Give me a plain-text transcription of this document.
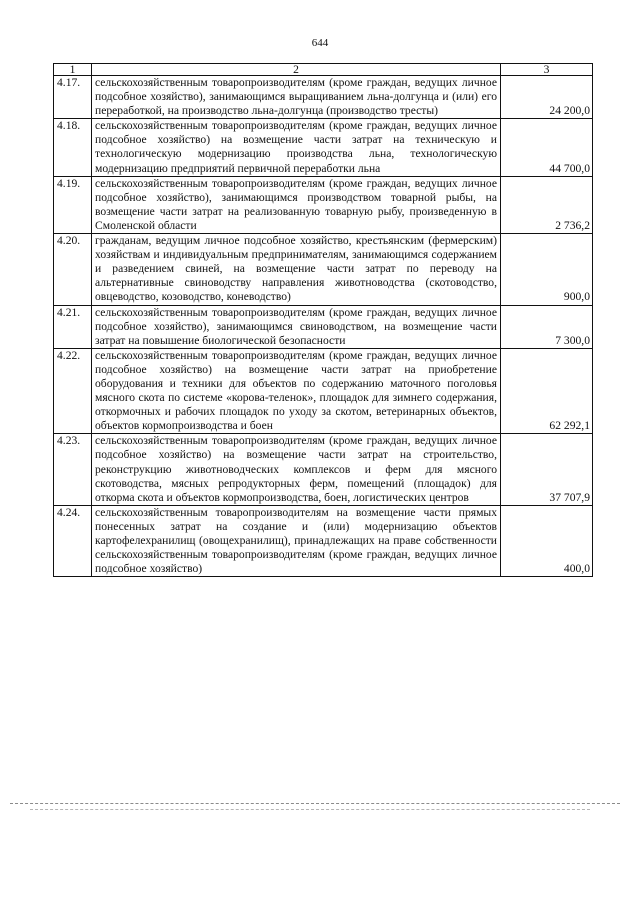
644
1	2	3
4.17.	сельскохозяйственным товаропроизводителям (кроме граждан, ведущих личное подсобное хозяйство), занимающимся выращиванием льна-долгунца и (или) его переработкой, на производство льна-долгунца (производство тресты)	24 200,0
4.18.	сельскохозяйственным товаропроизводителям (кроме граждан, ведущих личное подсобное хозяйство) на возмещение части затрат на техническую и технологическую модернизацию производства льна, технологическую модернизацию предприятий первичной переработки льна	44 700,0
4.19.	сельскохозяйственным товаропроизводителям (кроме граждан, ведущих личное подсобное хозяйство), занимающимся производством товарной рыбы, на возмещение части затрат на реализованную товарную рыбу, произведенную в Смоленской области	2 736,2
4.20.	гражданам, ведущим личное подсобное хозяйство, крестьянским (фермерским) хозяйствам и индивидуальным предпринимателям, занимающимся содержанием и разведением свиней, на возмещение части затрат по переводу на альтернативные свиноводству направления животноводства (скотоводство, овцеводство, козоводство, коневодство)	900,0
4.21.	сельскохозяйственным товаропроизводителям (кроме граждан, ведущих личное подсобное хозяйство), занимающимся свиноводством, на возмещение части затрат на повышение биологической безопасности	7 300,0
4.22.	сельскохозяйственным товаропроизводителям (кроме граждан, ведущих личное подсобное хозяйство) на возмещение части затрат на приобретение оборудования и техники для объектов по содержанию маточного поголовья мясного скота по системе «корова-теленок», площадок для зимнего содержания, откормочных и рабочих площадок по уходу за скотом, ветеринарных объектов, объектов кормопроизводства и боен	62 292,1
4.23.	сельскохозяйственным товаропроизводителям (кроме граждан, ведущих личное подсобное хозяйство) на возмещение части затрат на строительство, реконструкцию животноводческих комплексов и ферм для мясного скотоводства, мясных репродукторных ферм, помещений (площадок) для откорма скота и объектов кормопроизводства, боен, логистических центров	37 707,9
4.24.	сельскохозяйственным товаропроизводителям на возмещение части прямых понесенных затрат на создание и (или) модернизацию объектов картофелехранилищ (овощехранилищ), принадлежащих на праве собственности сельскохозяйственным товаропроизводителям (кроме граждан, ведущих личное подсобное хозяйство)	400,0
